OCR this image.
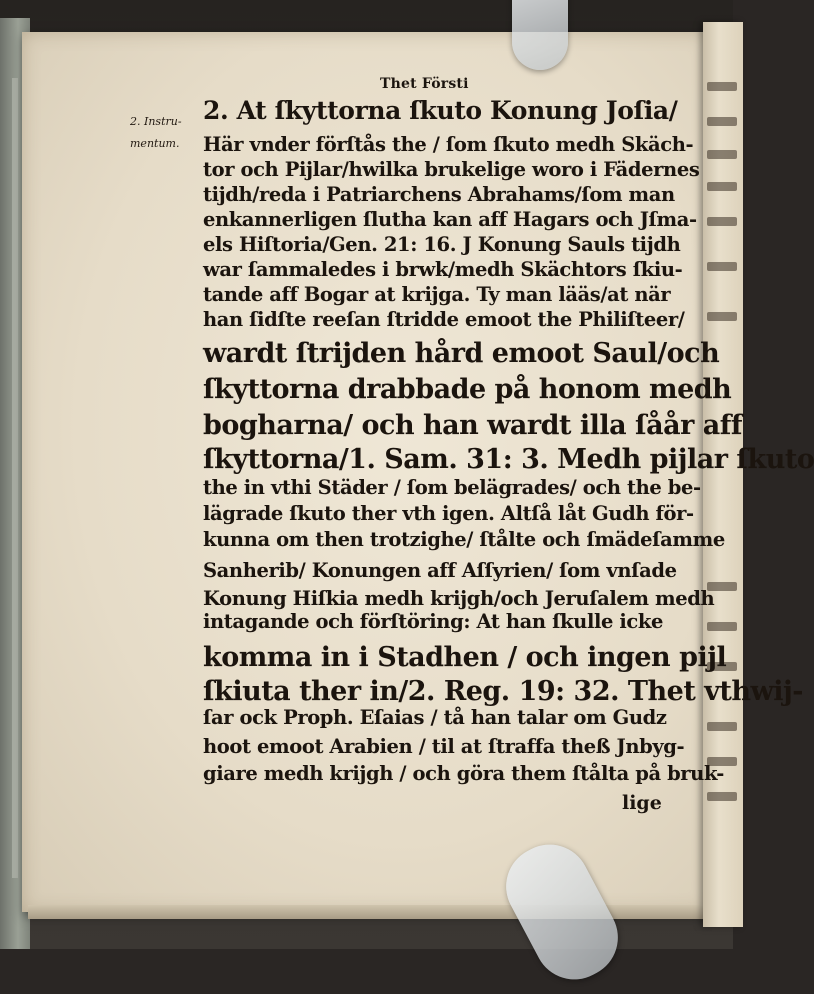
Thet Försti
2. Instru-
mentum.
2. At ſkyttorna ſkuto Konung Joſia/
Här vnder förſtås the / ſom ſkuto medh Skäch-
tor och Pijlar/hwilka brukelige woro i Fädernes
tijdh/reda i Patriarchens Abrahams/ſom man
enkannerligen ſlutha kan aff Hagars och Jſma-
els Hiſtoria/Gen. 21: 16. J Konung Sauls tijdh
war ſammaledes i brwk/medh Skächtors ſkiu-
tande aff Bogar at krijga. Ty man lääs/at när
han ſidſte reeſan ſtridde emoot the Philiſteer/
wardt ſtrijden hård emoot Saul/och
ſkyttorna drabbade på honom medh
bogharna/ och han wardt illa ſåår aff
ſkyttorna/1. Sam. 31: 3. Medh pijlar ſkuto
the in vthi Städer / ſom belägrades/ och the be-
lägrade ſkuto ther vth igen. Altſå låt Gudh för-
kunna om then trotzighe/ ſtålte och ſmädeſamme
Sanherib/ Konungen aff Aſſyrien/ ſom vnſade
Konung Hiſkia medh krijgh/och Jeruſalem medh
intagande och förſtöring: At han ſkulle icke
komma in i Stadhen / och ingen pijl
ſkiuta ther in/2. Reg. 19: 32. Thet vthwij-
ſar ock Proph. Eſaias / tå han talar om Gudz
hoot emoot Arabien / til at ſtraffa theß Jnbyg-
giare medh krijgh / och göra them ſtålta på bruk-
lige
